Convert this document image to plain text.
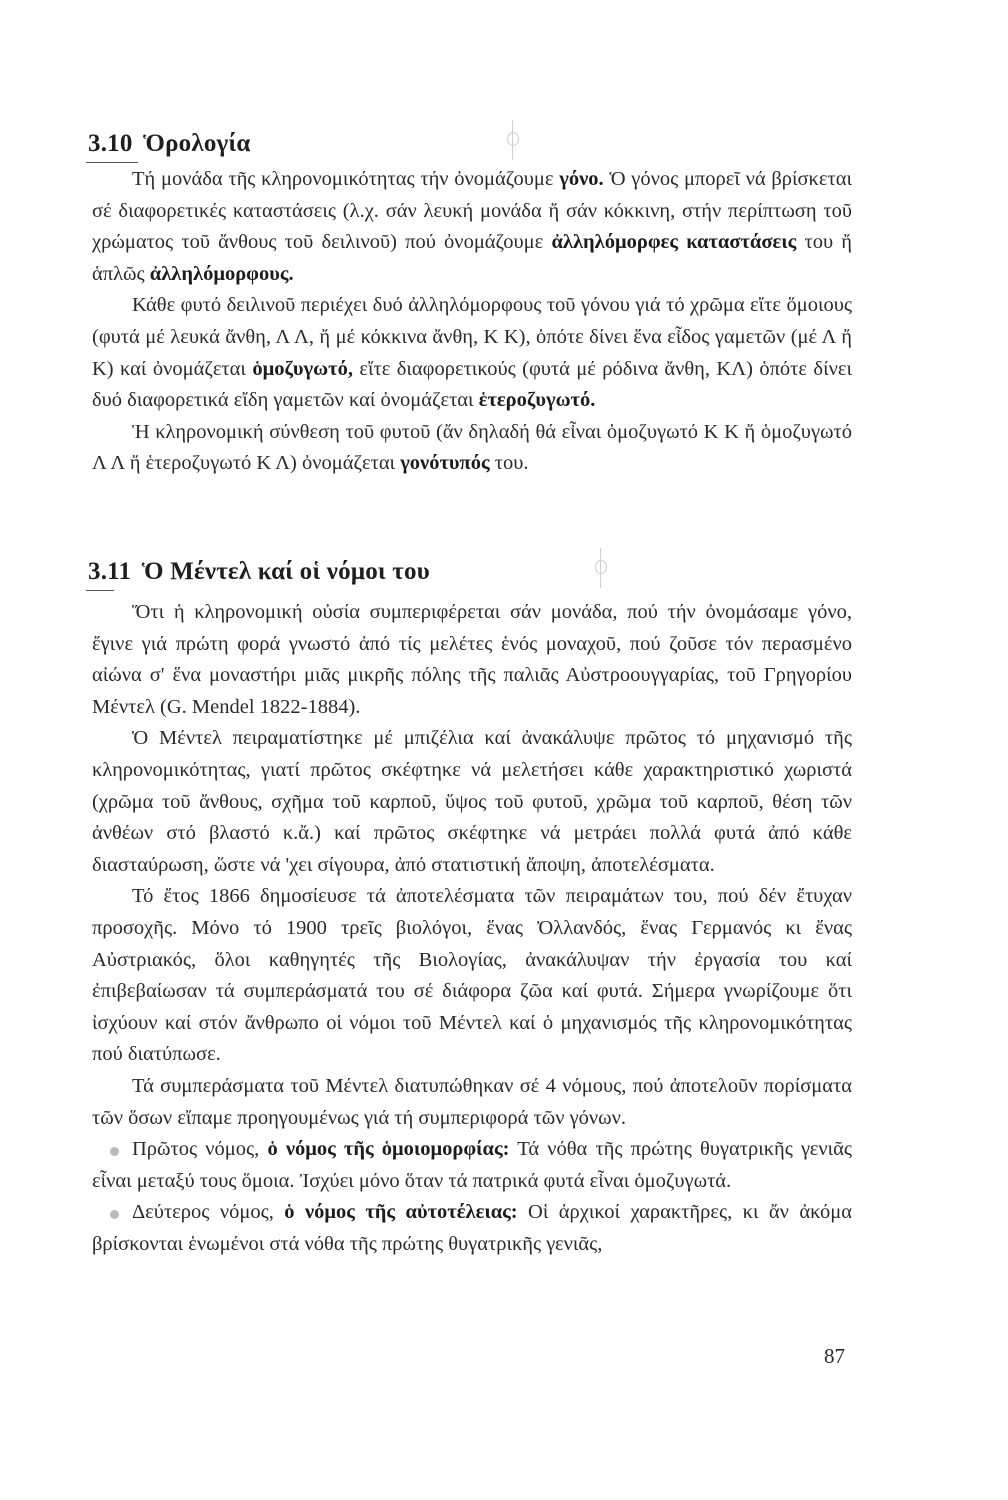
3.10 Ὁρολογία

Τή μονάδα τῆς κληρονομικότητας τήν ὀνομάζουμε γόνο. Ὁ γόνος μπορεῖ νά βρίσκεται σέ διαφορετικές καταστάσεις (λ.χ. σάν λευκή μονάδα ἤ σάν κόκκινη, στήν περίπτωση τοῦ χρώματος τοῦ ἄνθους τοῦ δειλινοῦ) πού ὀνομάζουμε ἀλληλόμορφες καταστάσεις του ἤ ἁπλῶς ἀλληλόμορφους.

Κάθε φυτό δειλινοῦ περιέχει δυό ἀλληλόμορφους τοῦ γόνου γιά τό χρῶμα εἴτε ὅμοιους (φυτά μέ λευκά ἄνθη, Λ Λ, ἤ μέ κόκκινα ἄνθη, Κ Κ), ὁπότε δίνει ἕνα εἶδος γαμετῶν (μέ Λ ἤ Κ) καί ὀνομάζεται ὁμοζυγωτό, εἴτε διαφορετικούς (φυτά μέ ρόδινα ἄνθη, ΚΛ) ὁπότε δίνει δυό διαφορετικά εἴδη γαμετῶν καί ὀνομάζεται ἑτεροζυγωτό.

Ἡ κληρονομική σύνθεση τοῦ φυτοῦ (ἄν δηλαδή θά εἶναι ὁμοζυγωτό Κ Κ ἤ ὁμοζυγωτό Λ Λ ἤ ἑτεροζυγωτό Κ Λ) ὀνομάζεται γονότυπός του.

3.11 Ὁ Μέντελ καί οἱ νόμοι του

Ὅτι ἡ κληρονομική οὐσία συμπεριφέρεται σάν μονάδα, πού τήν ὀνομάσαμε γόνο, ἔγινε γιά πρώτη φορά γνωστό ἀπό τίς μελέτες ἑνός μοναχοῦ, πού ζοῦσε τόν περασμένο αἰώνα σ' ἕνα μοναστήρι μιᾶς μικρῆς πόλης τῆς παλιᾶς Αὐστροουγγαρίας, τοῦ Γρηγορίου Μέντελ (G. Mendel 1822-1884).

Ὁ Μέντελ πειραματίστηκε μέ μπιζέλια καί ἀνακάλυψε πρῶτος τό μηχανισμό τῆς κληρονομικότητας, γιατί πρῶτος σκέφτηκε νά μελετήσει κάθε χαρακτηριστικό χωριστά (χρῶμα τοῦ ἄνθους, σχῆμα τοῦ καρποῦ, ὕψος τοῦ φυτοῦ, χρῶμα τοῦ καρποῦ, θέση τῶν ἀνθέων στό βλαστό κ.ἄ.) καί πρῶτος σκέφτηκε νά μετράει πολλά φυτά ἀπό κάθε διασταύρωση, ὥστε νά 'χει σίγουρα, ἀπό στατιστική ἄποψη, ἀποτελέσματα.

Τό ἔτος 1866 δημοσίευσε τά ἀποτελέσματα τῶν πειραμάτων του, πού δέν ἔτυχαν προσοχῆς. Μόνο τό 1900 τρεῖς βιολόγοι, ἕνας Ὀλλανδός, ἕνας Γερμανός κι ἕνας Αὐστριακός, ὅλοι καθηγητές τῆς Βιολογίας, ἀνακάλυψαν τήν ἐργασία του καί ἐπιβεβαίωσαν τά συμπεράσματά του σέ διάφορα ζῶα καί φυτά. Σήμερα γνωρίζουμε ὅτι ἰσχύουν καί στόν ἄνθρωπο οἱ νόμοι τοῦ Μέντελ καί ὁ μηχανισμός τῆς κληρονομικότητας πού διατύπωσε.

Τά συμπεράσματα τοῦ Μέντελ διατυπώθηκαν σέ 4 νόμους, πού ἀποτελοῦν πορίσματα τῶν ὅσων εἴπαμε προηγουμένως γιά τή συμπεριφορά τῶν γόνων.

Πρῶτος νόμος, ὁ νόμος τῆς ὁμοιομορφίας: Τά νόθα τῆς πρώτης θυγατρικῆς γενιᾶς εἶναι μεταξύ τους ὅμοια. Ἰσχύει μόνο ὅταν τά πατρικά φυτά εἶναι ὁμοζυγωτά.

Δεύτερος νόμος, ὁ νόμος τῆς αὐτοτέλειας: Οἱ ἀρχικοί χαρακτῆρες, κι ἄν ἀκόμα βρίσκονται ἑνωμένοι στά νόθα τῆς πρώτης θυγατρικῆς γενιᾶς,

87
